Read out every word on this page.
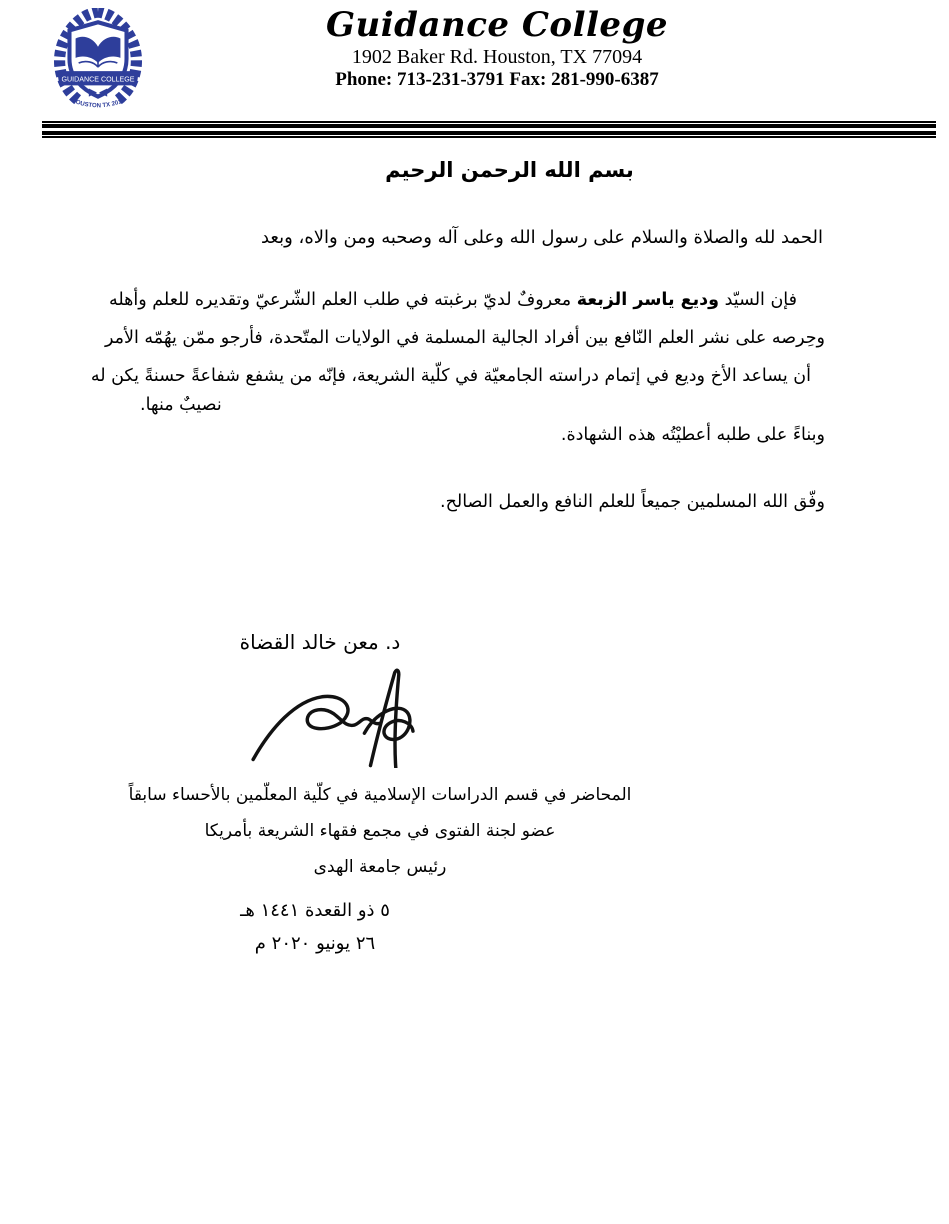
GUIDANCE COLLEGE
HOUSTON TX 2011
Guidance College
1902 Baker Rd. Houston, TX 77094
Phone: 713-231-3791 Fax: 281-990-6387
بسم الله الرحمن الرحيم
الحمد لله والصلاة والسلام على رسول الله وعلى آله وصحبه ومن والاه، وبعد
فإن السيّد وديع ياسر الزبعة معروفٌ لديّ برغبته في طلب العلم الشّرعيّ وتقديره للعلم وأهله
وحِرصه على نشر العلم النّافع بين أفراد الجالية المسلمة في الولايات المتّحدة، فأرجو ممّن يهُمّه الأمر
أن يساعد الأخ وديع في إتمام دراسته الجامعيّة في كلّية الشريعة، فإنّه من يشفع شفاعةً حسنةً يكن له
نصيبٌ منها.
وبناءً على طلبه أعطيْتُه هذه الشهادة.
وفّق الله المسلمين جميعاً للعلم النافع والعمل الصالح.
د. معن خالد القضاة
المحاضر في قسم الدراسات الإسلامية في كلّية المعلّمين بالأحساء سابقاً
عضو لجنة الفتوى في مجمع فقهاء الشريعة بأمريكا
رئيس جامعة الهدى
٥ ذو القعدة ١٤٤١ هـ
٢٦ يونيو ٢٠٢٠ م
